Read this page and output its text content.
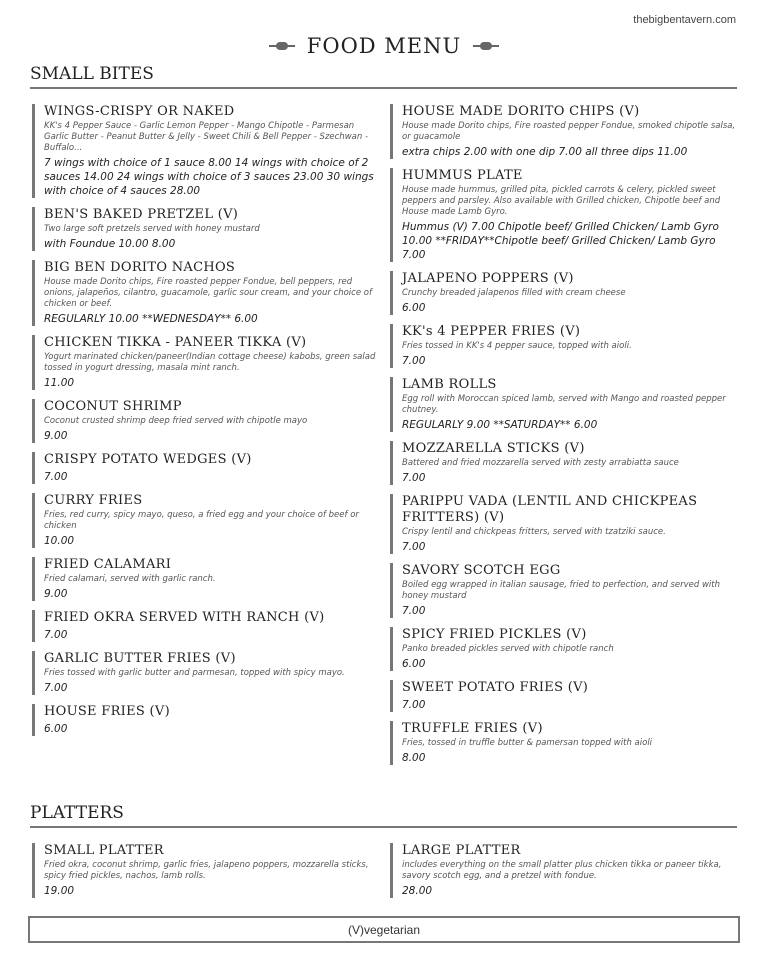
thebigbentavern.com
FOOD MENU
SMALL BITES
WINGS-CRISPY OR NAKED
KK's 4 Pepper Sauce - Garlic Lemon Pepper - Mango Chipotle - Parmesan Garlic Butter - Peanut Butter & Jelly - Sweet Chili & Bell Pepper - Szechwan - Buffalo...
7 wings with choice of 1 sauce 8.00 14 wings with choice of 2 sauces 14.00 24 wings with choice of 3 sauces 23.00 30 wings with choice of 4 sauces 28.00
BEN'S BAKED PRETZEL (V)
Two large soft pretzels served with honey mustard
with Foundue 10.00 8.00
BIG BEN DORITO NACHOS
House made Dorito chips, Fire roasted pepper Fondue, bell peppers, red onions, jalapeños, cilantro, guacamole, garlic sour cream, and your choice of chicken or beef.
REGULARLY 10.00 **WEDNESDAY** 6.00
CHICKEN TIKKA - PANEER TIKKA (V)
Yogurt marinated chicken/paneer(Indian cottage cheese) kabobs, green salad tossed in yogurt dressing, masala mint ranch.
11.00
COCONUT SHRIMP
Coconut crusted shrimp deep fried served with chipotle mayo
9.00
CRISPY POTATO WEDGES (V)
7.00
CURRY FRIES
Fries, red curry, spicy mayo, queso, a fried egg and your choice of beef or chicken
10.00
FRIED CALAMARI
Fried calamari, served with garlic ranch.
9.00
FRIED OKRA SERVED WITH RANCH (V)
7.00
GARLIC BUTTER FRIES (V)
Fries tossed with garlic butter and parmesan, topped with spicy mayo.
7.00
HOUSE FRIES (V)
6.00
HOUSE MADE DORITO CHIPS (V)
House made Dorito chips, Fire roasted pepper Fondue, smoked chipotle salsa, or guacamole
extra chips 2.00 with one dip 7.00 all three dips 11.00
HUMMUS PLATE
House made hummus, grilled pita, pickled carrots & celery, pickled sweet peppers and parsley. Also available with Grilled chicken, Chipotle beef and House made Lamb Gyro.
Hummus (V) 7.00 Chipotle beef/ Grilled Chicken/ Lamb Gyro 10.00 **FRIDAY**Chipotle beef/ Grilled Chicken/ Lamb Gyro 7.00
JALAPENO POPPERS (V)
Crunchy breaded jalapenos filled with cream cheese
6.00
KK's 4 PEPPER FRIES (V)
Fries tossed in KK's 4 pepper sauce, topped with aioli.
7.00
LAMB ROLLS
Egg roll with Moroccan spiced lamb, served with Mango and roasted pepper chutney.
REGULARLY 9.00 **SATURDAY** 6.00
MOZZARELLA STICKS (V)
Battered and fried mozzarella served with zesty arrabiatta sauce
7.00
PARIPPU VADA (LENTIL AND CHICKPEAS FRITTERS) (V)
Crispy lentil and chickpeas fritters, served with tzatziki sauce.
7.00
SAVORY SCOTCH EGG
Boiled egg wrapped in italian sausage, fried to perfection, and served with honey mustard
7.00
SPICY FRIED PICKLES (V)
Panko breaded pickles served with chipotle ranch
6.00
SWEET POTATO FRIES (V)
7.00
TRUFFLE FRIES (V)
Fries, tossed in truffle butter & pamersan topped with aioli
8.00
PLATTERS
SMALL PLATTER
Fried okra, coconut shrimp, garlic fries, jalapeno poppers, mozzarella sticks, spicy fried pickles, nachos, lamb rolls.
19.00
LARGE PLATTER
includes everything on the small platter plus chicken tikka or paneer tikka, savory scotch egg, and a pretzel with fondue.
28.00
(V)vegetarian
